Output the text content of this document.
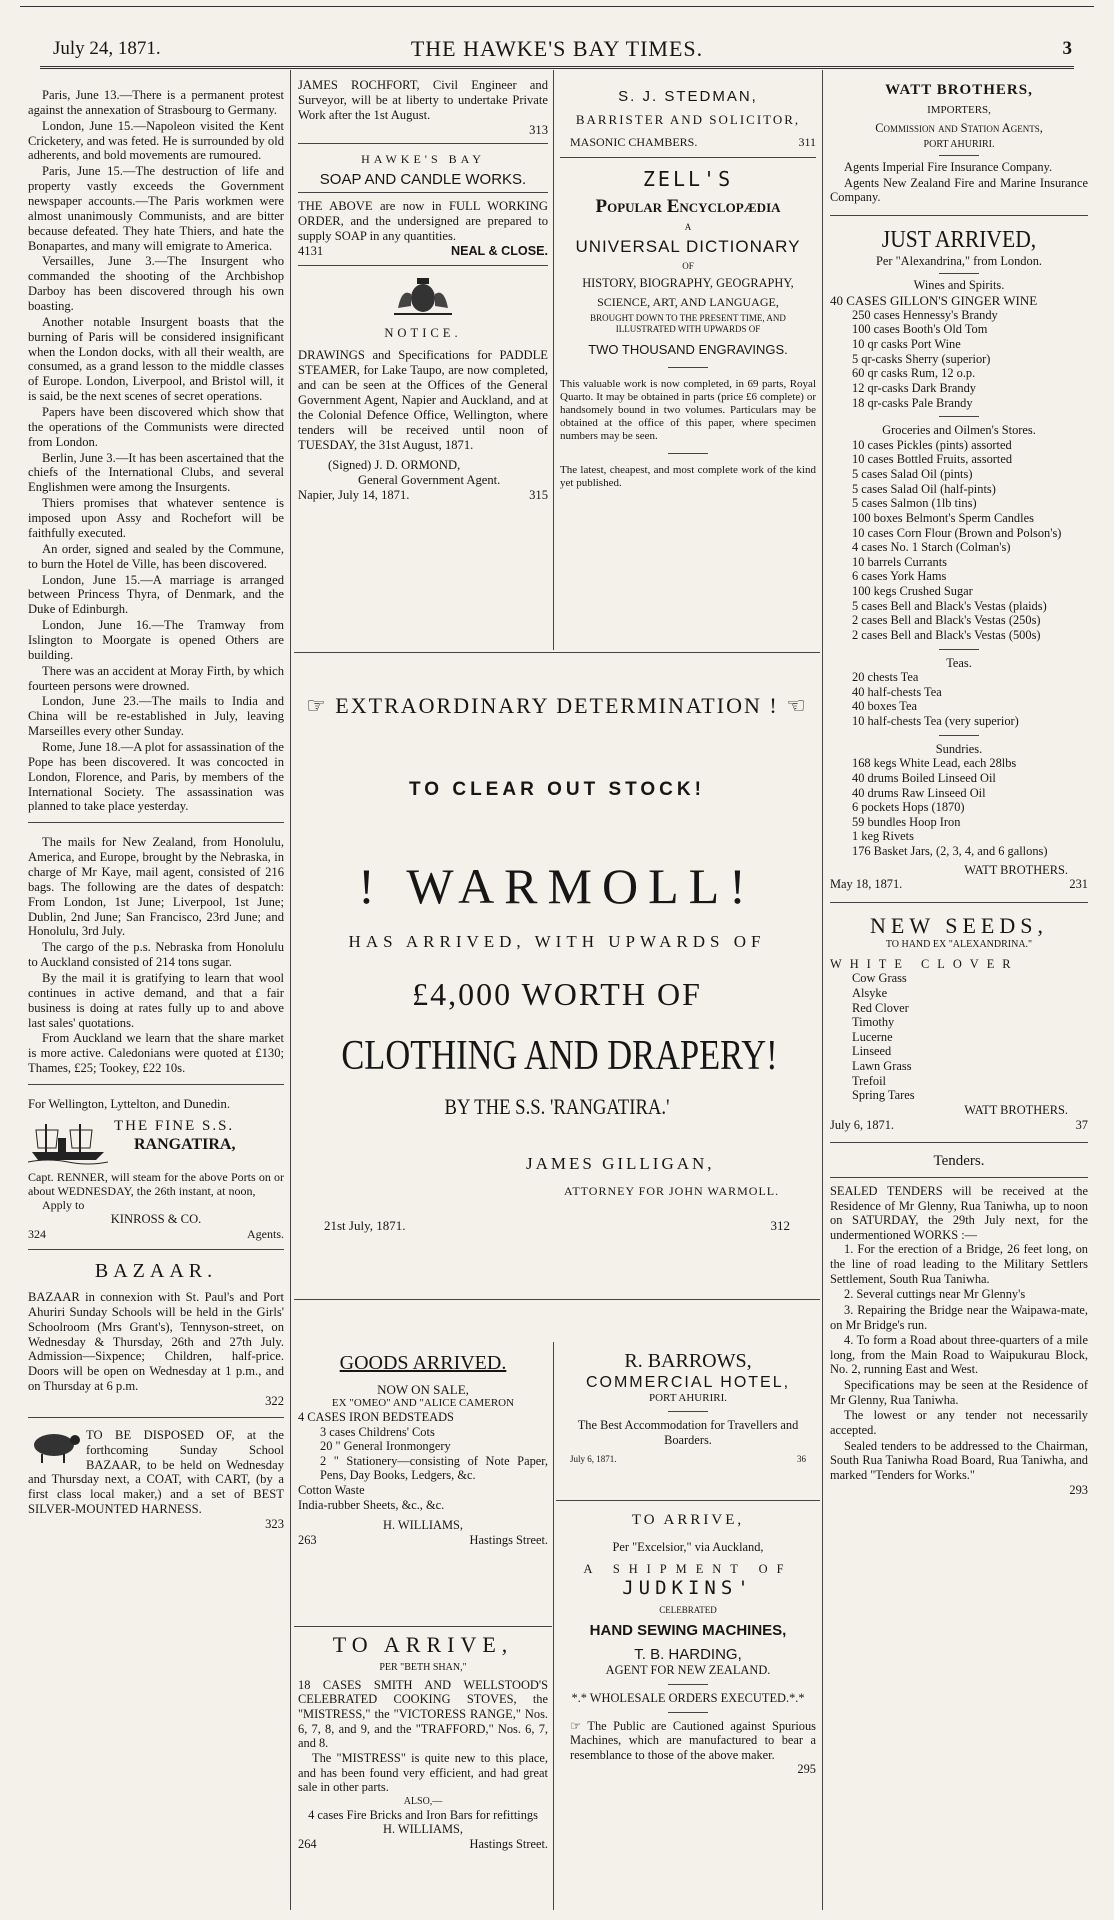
July 24, 1871.	THE HAWKE'S BAY TIMES.	3

Paris, June 13.—There is a permanent protest against the annexation of Strasbourg to Germany.

London, June 15.—Napoleon visited the Kent Cricketery, and was feted. He is surrounded by old adherents, and bold movements are rumoured.

Paris, June 15.—The destruction of life and property vastly exceeds the Government newspaper accounts.—The Paris workmen were almost unanimously Communists, and are bitter because defeated. They hate Thiers, and hate the Bonapartes, and many will emigrate to America.

Versailles, June 3.—The Insurgent who commanded the shooting of the Archbishop Darboy has been discovered through his own boasting.

Another notable Insurgent boasts that the burning of Paris will be considered insignificant when the London docks, with all their wealth, are consumed, as a grand lesson to the middle classes of Europe. London, Liverpool, and Bristol will, it is said, be the next scenes of secret operations.

Papers have been discovered which show that the operations of the Communists were directed from London.

Berlin, June 3.—It has been ascertained that the chiefs of the International Clubs, and several Englishmen were among the Insurgents.

Thiers promises that whatever sentence is imposed upon Assy and Rochefort will be faithfully executed.

An order, signed and sealed by the Commune, to burn the Hotel de Ville, has been discovered.

London, June 15.—A marriage is arranged between Princess Thyra, of Denmark, and the Duke of Edinburgh.

London, June 16.—The Tramway from Islington to Moorgate is opened Others are building.

There was an accident at Moray Firth, by which fourteen persons were drowned.

London, June 23.—The mails to India and China will be re-established in July, leaving Marseilles every other Sunday.

Rome, June 18.—A plot for assassination of the Pope has been discovered. It was concocted in London, Florence, and Paris, by members of the International Society. The assassination was planned to take place yesterday.

The mails for New Zealand, from Honolulu, America, and Europe, brought by the Nebraska, in charge of Mr Kaye, mail agent, consisted of 216 bags. The following are the dates of despatch: From London, 1st June; Liverpool, 1st June; Dublin, 2nd June; San Francisco, 23rd June; and Honolulu, 3rd July.

The cargo of the p.s. Nebraska from Honolulu to Auckland consisted of 214 tons sugar.

By the mail it is gratifying to learn that wool continues in active demand, and that a fair business is doing at rates fully up to and above last sales' quotations.

From Auckland we learn that the share market is more active. Caledonians were quoted at £130; Thames, £25; Tookey, £22 10s.

For Wellington, Lyttelton, and Dunedin.
THE FINE S.S.
RANGATIRA,
Capt. RENNER, will steam for the above Ports on or about WEDNESDAY, the 26th instant, at noon,
Apply to
KINROSS & CO.
324	Agents.
BAZAAR.
BAZAAR in connexion with St. Paul's and Port Ahuriri Sunday Schools will be held in the Girls' Schoolroom (Mrs Grant's), Tennyson-street, on Wednesday & Thursday, 26th and 27th July. Admission—Sixpence; Children, half-price. Doors will be open on Wednesday at 1 p.m., and on Thursday at 6 p.m.
322
TO BE DISPOSED OF, at the forthcoming Sunday School BAZAAR, to be held on Wednesday and Thursday next, a COAT, with CART, (by a first class local maker,) and a set of BEST SILVER-MOUNTED HARNESS.
323
JAMES ROCHFORT, Civil Engineer and Surveyor, will be at liberty to undertake Private Work after the 1st August.
313
HAWKE'S BAY
SOAP AND CANDLE WORKS.
THE ABOVE are now in FULL WORKING ORDER, and the undersigned are prepared to supply SOAP in any quantities.
4131	NEAL & CLOSE.
NOTICE.
DRAWINGS and Specifications for PADDLE STEAMER, for Lake Taupo, are now completed, and can be seen at the Offices of the General Government Agent, Napier and Auckland, and at the Colonial Defence Office, Wellington, where tenders will be received until noon of TUESDAY, the 31st August, 1871.
(Signed) J. D. ORMOND,
General Government Agent.
Napier, July 14, 1871.	315
S. J. STEDMAN,
BARRISTER AND SOLICITOR,
MASONIC CHAMBERS.	311
ZELL'S
Popular Encyclopædia
A
UNIVERSAL DICTIONARY
OF
HISTORY, BIOGRAPHY, GEOGRAPHY,
SCIENCE, ART, AND LANGUAGE,
BROUGHT DOWN TO THE PRESENT TIME, AND ILLUSTRATED WITH UPWARDS OF
TWO THOUSAND ENGRAVINGS.
This valuable work is now completed, in 69 parts, Royal Quarto. It may be obtained in parts (price £6 complete) or handsomely bound in two volumes. Particulars may be obtained at the office of this paper, where specimen numbers may be seen.
The latest, cheapest, and most complete work of the kind yet published.
☞ EXTRAORDINARY DETERMINATION ! ☜
TO CLEAR OUT STOCK!
! WARMOLL!
HAS ARRIVED, WITH UPWARDS OF
£4,000 WORTH OF
CLOTHING AND DRAPERY!
BY THE S.S. 'RANGATIRA.'
JAMES GILLIGAN,
ATTORNEY FOR JOHN WARMOLL.
21st July, 1871.	312
GOODS ARRIVED.
NOW ON SALE,
EX "OMEO" AND "ALICE CAMERON
4 CASES IRON BEDSTEADS
3 cases Childrens' Cots
20 " General Ironmongery
2 " Stationery—consisting of Note Paper, Pens, Day Books, Ledgers, &c.
Cotton Waste
India-rubber Sheets, &c., &c.
H. WILLIAMS,
263	Hastings Street.
TO ARRIVE,
PER "BETH SHAN,"
18 CASES SMITH AND WELLSTOOD'S CELEBRATED COOKING STOVES, the "MISTRESS," the "VICTORESS RANGE," Nos. 6, 7, 8, and 9, and the "TRAFFORD," Nos. 6, 7, and 8.

The "MISTRESS" is quite new to this place, and has been found very efficient, and had great sale in other parts.

ALSO,—
4 cases Fire Bricks and Iron Bars for refittings
H. WILLIAMS,
264	Hastings Street.
R. BARROWS,
COMMERCIAL HOTEL,
PORT AHURIRI.
The Best Accommodation for Travellers and Boarders.
July 6, 1871.	36
TO ARRIVE,
Per "Excelsior," via Auckland,
A SHIPMENT OF
JUDKINS'
CELEBRATED
HAND SEWING MACHINES,
T. B. HARDING,
AGENT FOR NEW ZEALAND.
*.* WHOLESALE ORDERS EXECUTED.*.*
☞ The Public are Cautioned against Spurious Machines, which are manufactured to bear a resemblance to those of the above maker.
295
WATT BROTHERS,
IMPORTERS,
Commission and Station Agents,
PORT AHURIRI.

Agents Imperial Fire Insurance Company.

Agents New Zealand Fire and Marine Insurance Company.

JUST ARRIVED,
Per "Alexandrina," from London.
Wines and Spirits.
40 CASES GILLON'S GINGER WINE
250 cases Hennessy's Brandy
100 cases Booth's Old Tom
10 qr casks Port Wine
5 qr-casks Sherry (superior)
60 qr casks Rum, 12 o.p.
12 qr-casks Dark Brandy
18 qr-casks Pale Brandy
Groceries and Oilmen's Stores.
10 cases Pickles (pints) assorted
10 cases Bottled Fruits, assorted
5 cases Salad Oil (pints)
5 cases Salad Oil (half-pints)
5 cases Salmon (1lb tins)
100 boxes Belmont's Sperm Candles
10 cases Corn Flour (Brown and Polson's)
4 cases No. 1 Starch (Colman's)
10 barrels Currants
6 cases York Hams
100 kegs Crushed Sugar
5 cases Bell and Black's Vestas (plaids)
2 cases Bell and Black's Vestas (250s)
2 cases Bell and Black's Vestas (500s)
Teas.
20 chests Tea
40 half-chests Tea
40 boxes Tea
10 half-chests Tea (very superior)
Sundries.
168 kegs White Lead, each 28lbs
40 drums Boiled Linseed Oil
40 drums Raw Linseed Oil
6 pockets Hops (1870)
59 bundles Hoop Iron
1 keg Rivets
176 Basket Jars, (2, 3, 4, and 6 gallons)
WATT BROTHERS.
May 18, 1871.	231
NEW SEEDS,
TO HAND EX "ALEXANDRINA."
WHITE CLOVER
Cow Grass
Alsyke
Red Clover
Timothy
Lucerne
Linseed
Lawn Grass
Trefoil
Spring Tares
WATT BROTHERS.
July 6, 1871.	37
Tenders.
SEALED TENDERS will be received at the Residence of Mr Glenny, Rua Taniwha, up to noon on SATURDAY, the 29th July next, for the undermentioned WORKS :—

1. For the erection of a Bridge, 26 feet long, on the line of road leading to the Military Settlers Settlement, South Rua Taniwha.

2. Several cuttings near Mr Glenny's

3. Repairing the Bridge near the Waipawa-mate, on Mr Bridge's run.

4. To form a Road about three-quarters of a mile long, from the Main Road to Waipukurau Block, No. 2, running East and West.

Specifications may be seen at the Residence of Mr Glenny, Rua Taniwha.

The lowest or any tender not necessarily accepted.

Sealed tenders to be addressed to the Chairman, South Rua Taniwha Road Board, Rua Taniwha, and marked "Tenders for Works."

293
